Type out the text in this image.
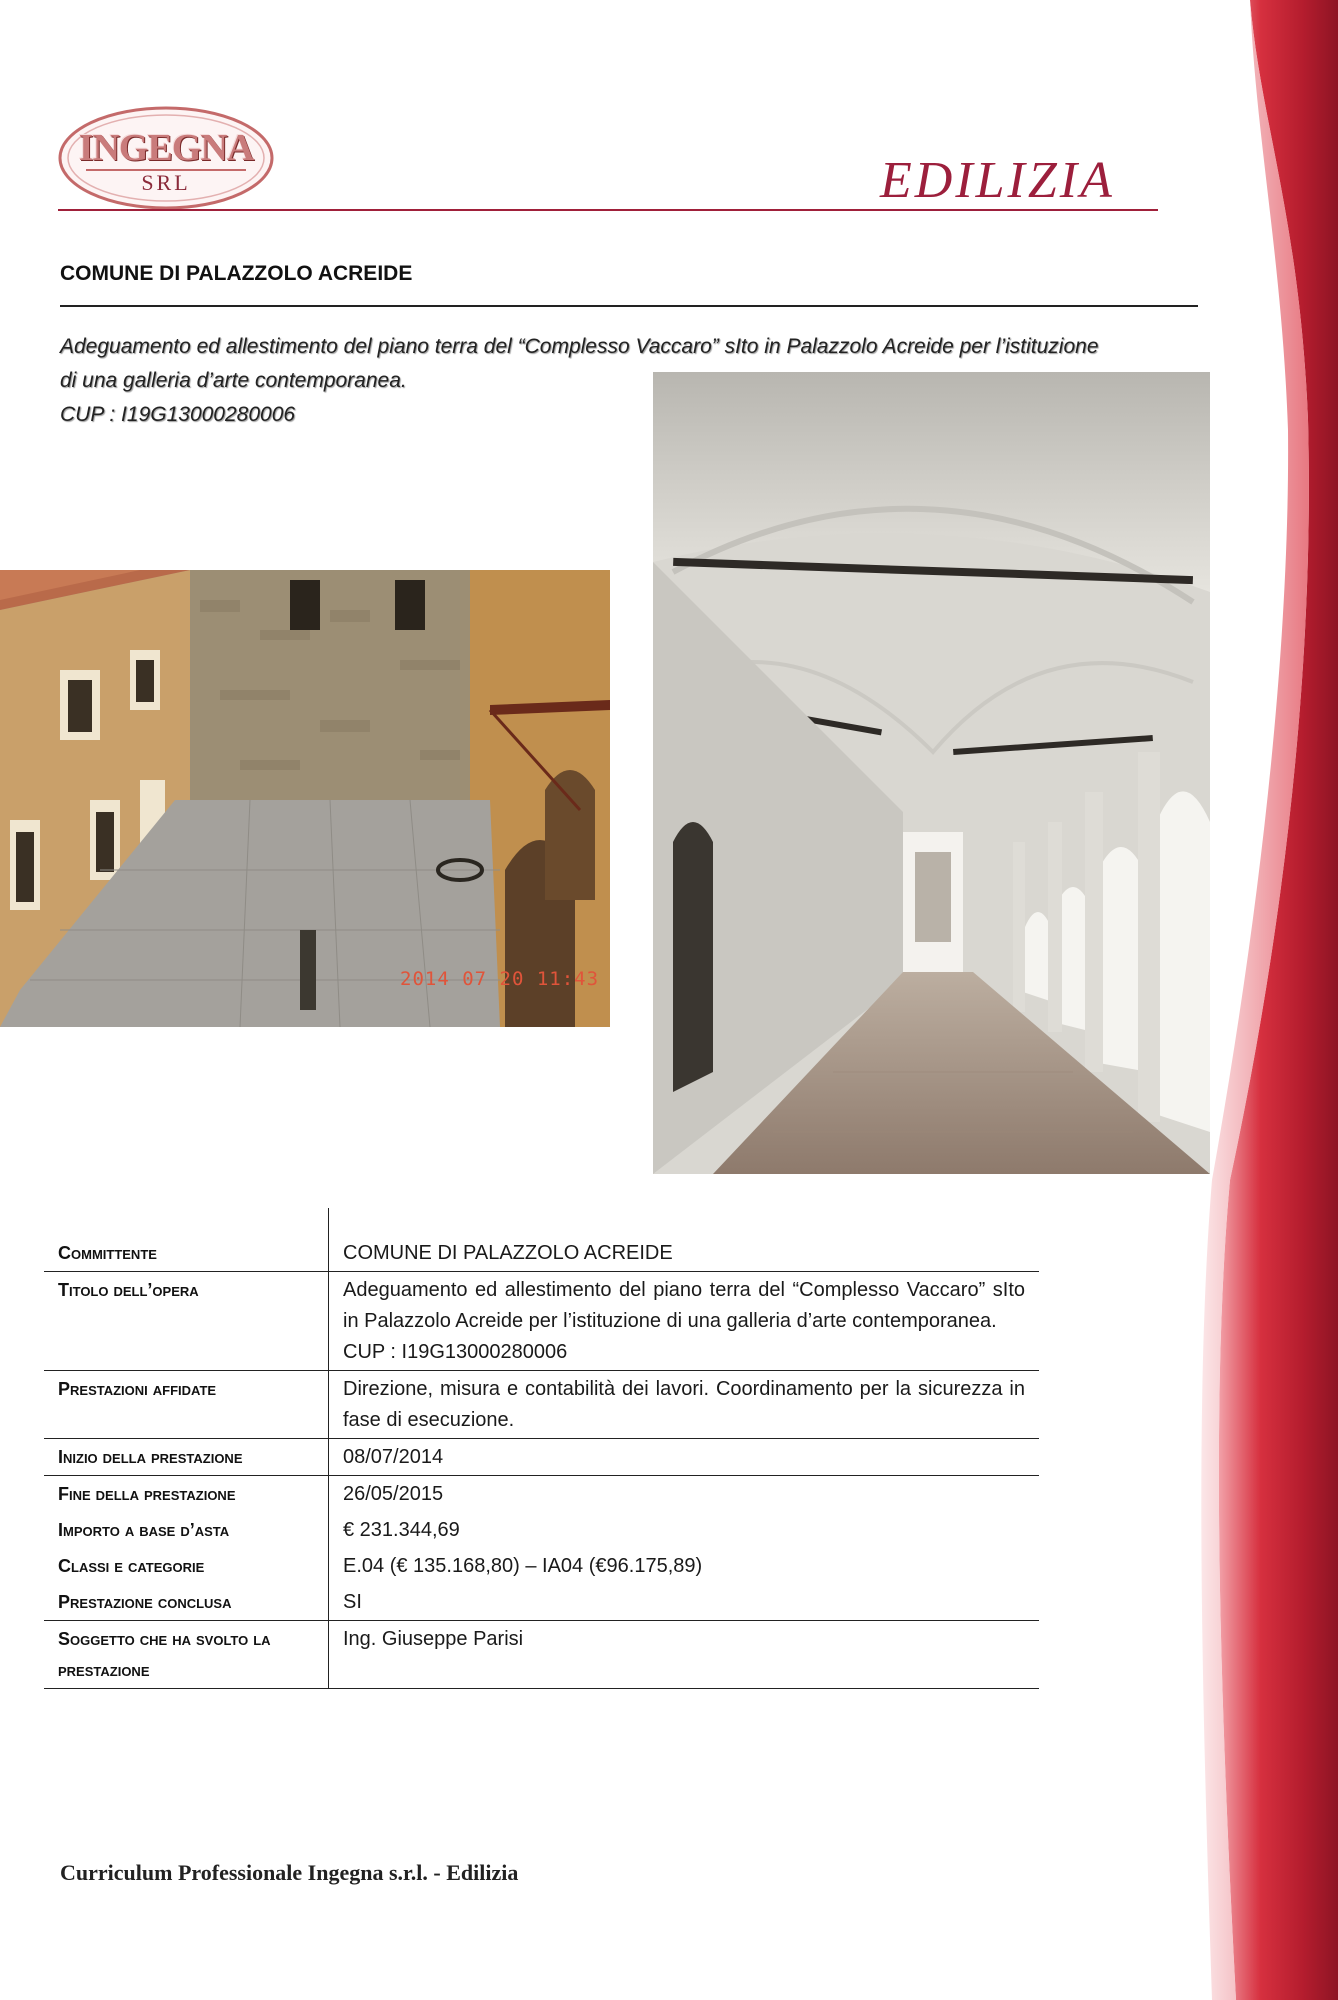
INGEGNA
SRL	EDILIZIA
COMUNE DI PALAZZOLO ACREIDE
Adeguamento ed allestimento del piano terra del “Complesso Vaccaro” sIto in Palazzolo Acreide per l’istituzione
di una galleria d’arte contemporanea.
CUP : I19G13000280006
2014 07 20 11:43
Committente	COMUNE DI PALAZZOLO ACREIDE
Titolo dell’opera	Adeguamento ed allestimento del piano terra del “Complesso Vaccaro” sIto in Palazzolo Acreide per l’istituzione di una galleria d’arte contemporanea.
CUP : I19G13000280006

Prestazioni affidate	Direzione, misura e contabilità dei lavori. Coordinamento per la sicurezza in fase di esecuzione.
Inizio della prestazione	08/07/2014
Fine della prestazione	26/05/2015
Importo a base d’asta	€ 231.344,69
Classi e categorie	E.04 (€ 135.168,80) – IA04 (€96.175,89)
Prestazione conclusa	SI
Soggetto che ha svolto la prestazione	Ing. Giuseppe Parisi
Curriculum Professionale Ingegna s.r.l. - Edilizia
